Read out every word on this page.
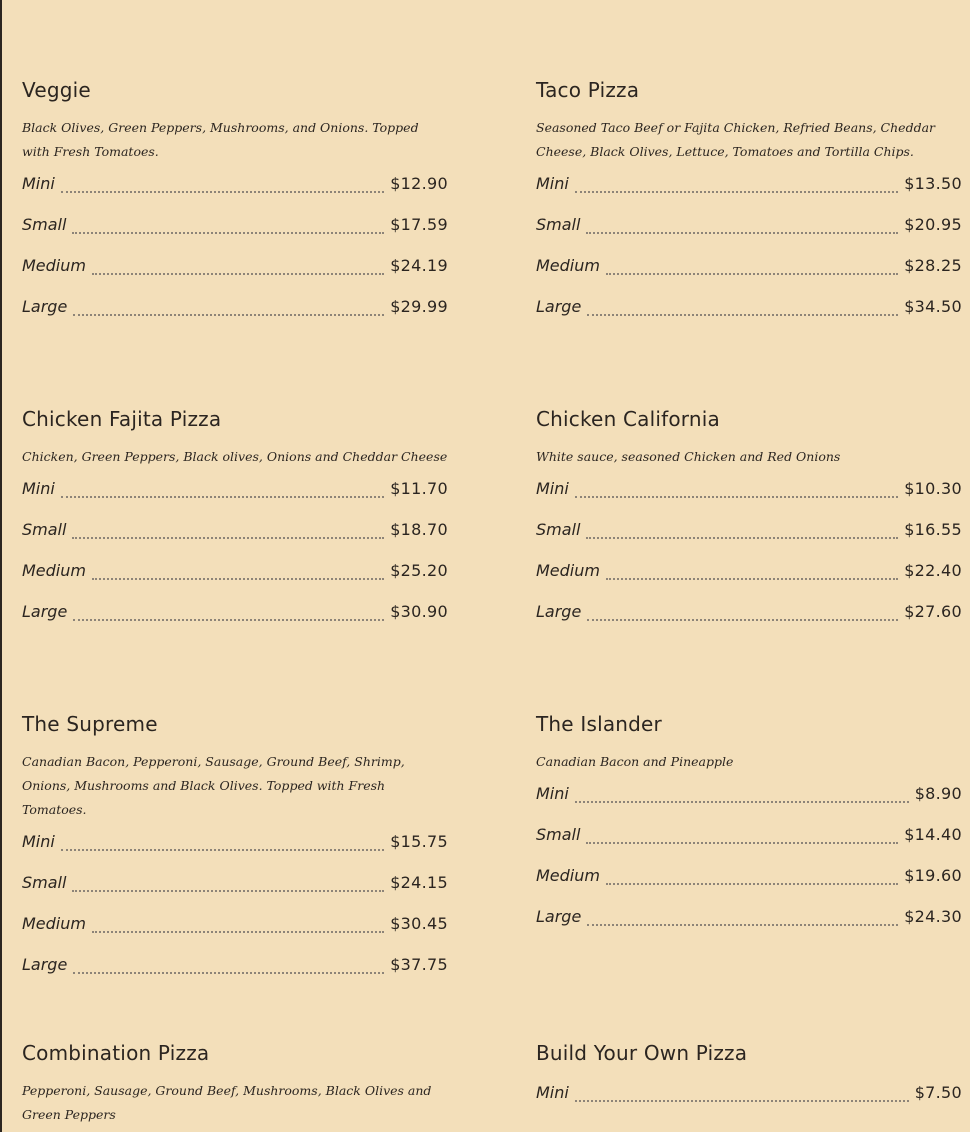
Veggie

Black Olives, Green Peppers, Mushrooms, and Onions. Topped with Fresh Tomatoes.

Mini	$12.90
Small	$17.59
Medium	$24.19
Large	$29.99
Chicken Fajita Pizza

Chicken, Green Peppers, Black olives, Onions and Cheddar Cheese

Mini	$11.70
Small	$18.70
Medium	$25.20
Large	$30.90
The Supreme

Canadian Bacon, Pepperoni, Sausage, Ground Beef, Shrimp, Onions, Mushrooms and Black Olives. Topped with Fresh Tomatoes.

Mini	$15.75
Small	$24.15
Medium	$30.45
Large	$37.75
Combination Pizza

Pepperoni, Sausage, Ground Beef, Mushrooms, Black Olives and Green Peppers

Taco Pizza

Seasoned Taco Beef or Fajita Chicken, Refried Beans, Cheddar Cheese, Black Olives, Lettuce, Tomatoes and Tortilla Chips.

Mini	$13.50
Small	$20.95
Medium	$28.25
Large	$34.50
Chicken California

White sauce, seasoned Chicken and Red Onions

Mini	$10.30
Small	$16.55
Medium	$22.40
Large	$27.60
The Islander

Canadian Bacon and Pineapple

Mini	$8.90
Small	$14.40
Medium	$19.60
Large	$24.30
Build Your Own Pizza
Mini	$7.50
